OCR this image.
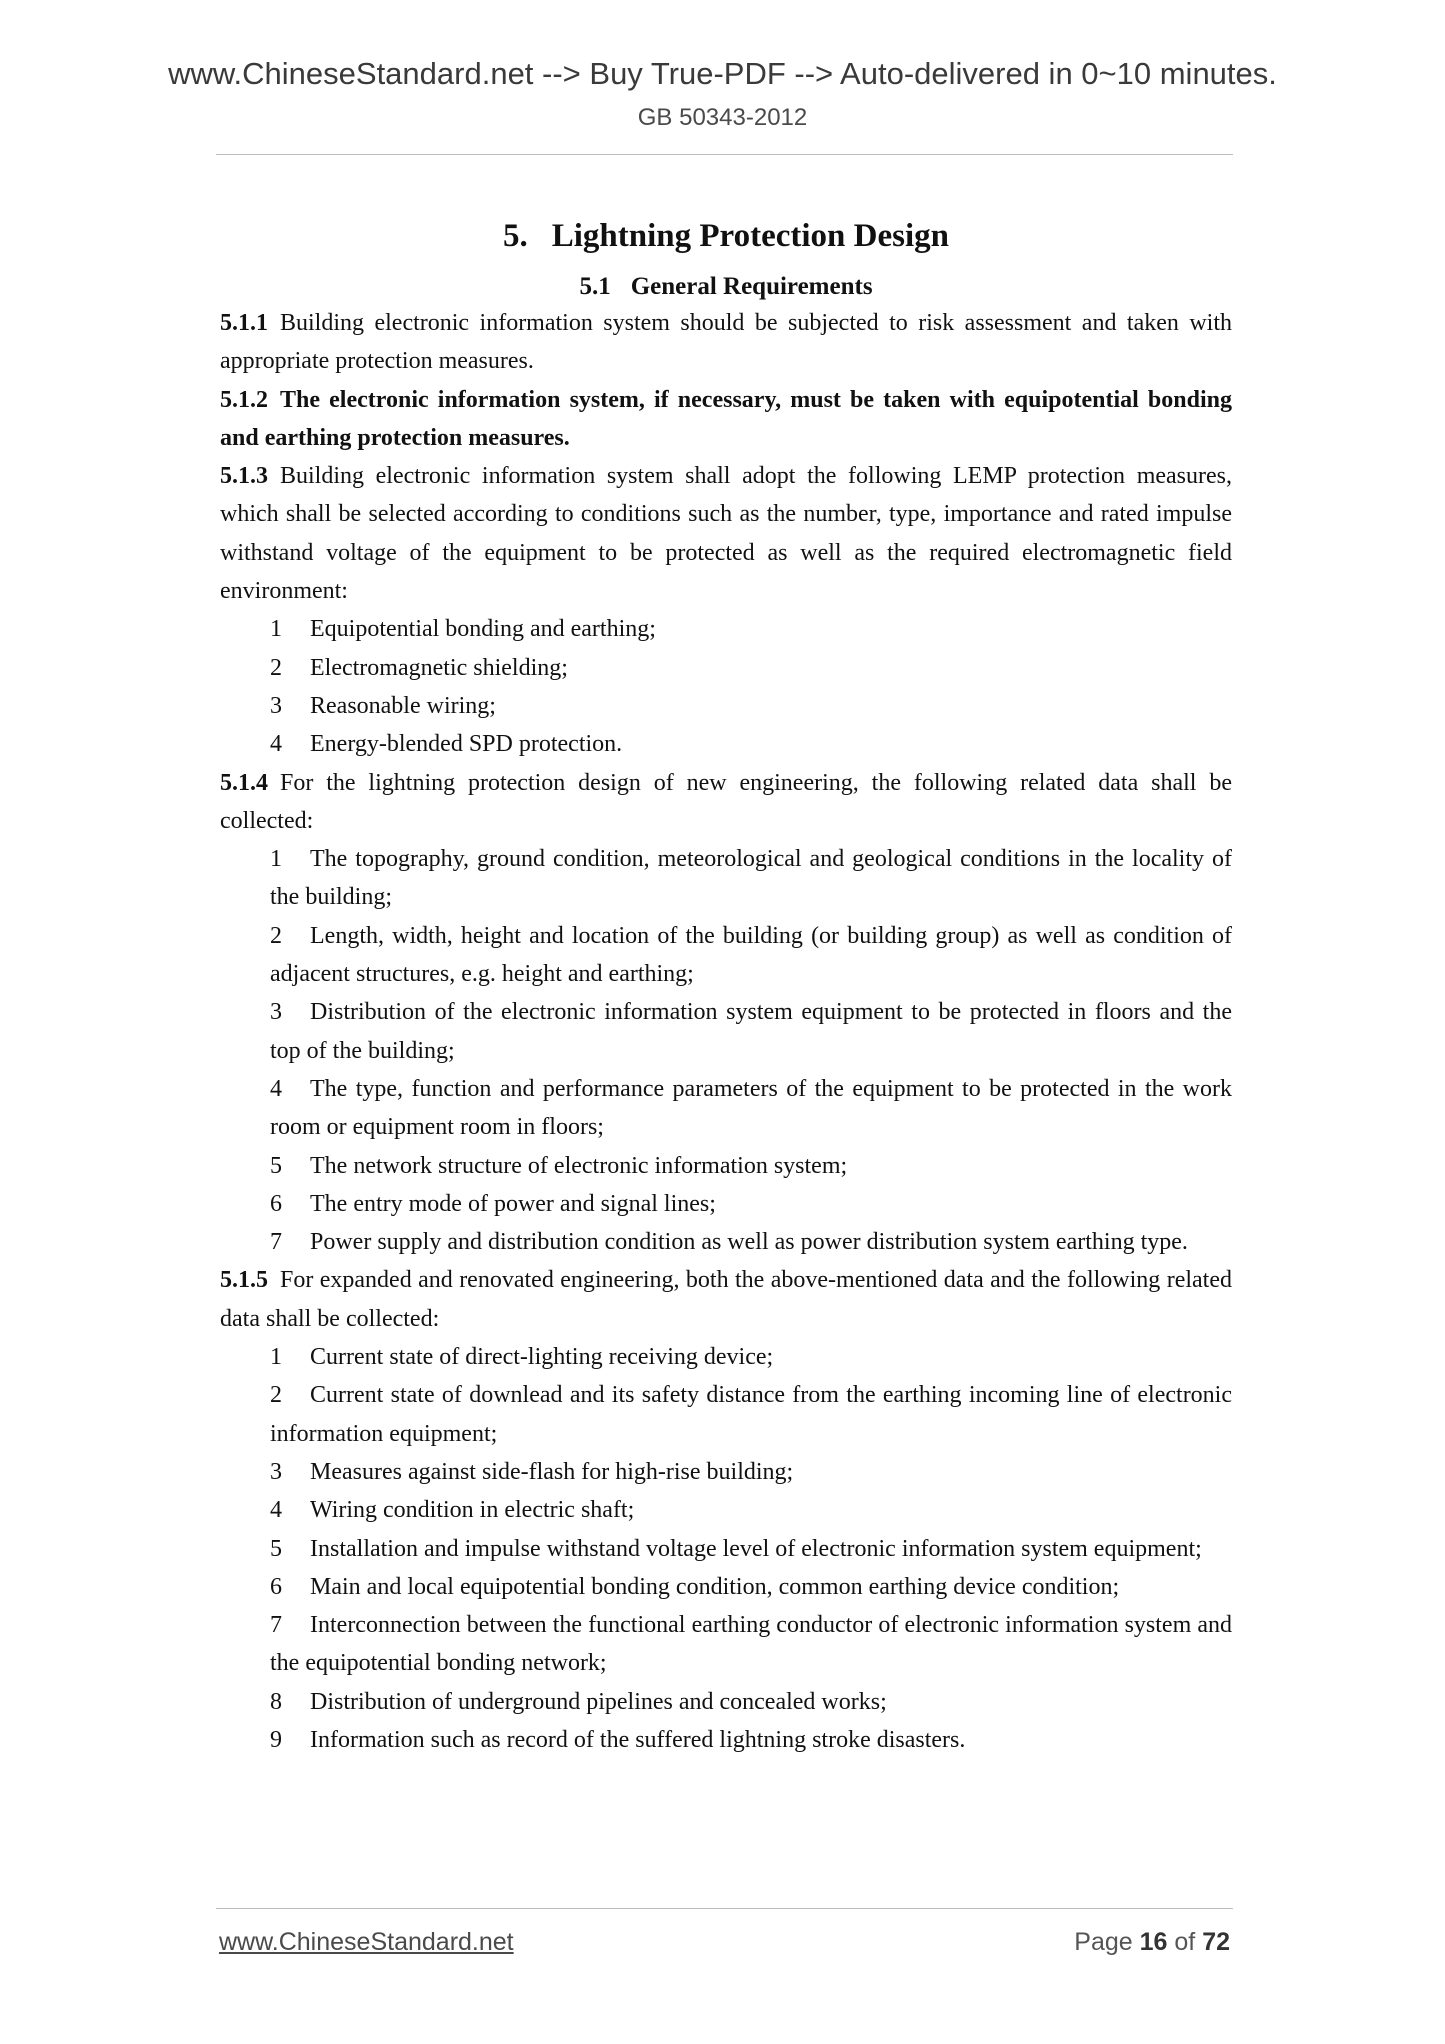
www.ChineseStandard.net --> Buy True-PDF --> Auto-delivered in 0~10 minutes.
GB 50343-2012
5. Lightning Protection Design
5.1 General Requirements

5.1.1 Building electronic information system should be subjected to risk assessment and taken with appropriate protection measures.

5.1.2 The electronic information system, if necessary, must be taken with equipotential bonding and earthing protection measures.

5.1.3 Building electronic information system shall adopt the following LEMP protection measures, which shall be selected according to conditions such as the number, type, importance and rated impulse withstand voltage of the equipment to be protected as well as the required electromagnetic field environment:

1 Equipotential bonding and earthing;

2 Electromagnetic shielding;

3 Reasonable wiring;

4 Energy-blended SPD protection.

5.1.4 For the lightning protection design of new engineering, the following related data shall be collected:

1 The topography, ground condition, meteorological and geological conditions in the locality of the building;

2 Length, width, height and location of the building (or building group) as well as condition of adjacent structures, e.g. height and earthing;

3 Distribution of the electronic information system equipment to be protected in floors and the top of the building;

4 The type, function and performance parameters of the equipment to be protected in the work room or equipment room in floors;

5 The network structure of electronic information system;

6 The entry mode of power and signal lines;

7 Power supply and distribution condition as well as power distribution system earthing type.

5.1.5 For expanded and renovated engineering, both the above-mentioned data and the following related data shall be collected:

1 Current state of direct-lighting receiving device;

2 Current state of downlead and its safety distance from the earthing incoming line of electronic information equipment;

3 Measures against side-flash for high-rise building;

4 Wiring condition in electric shaft;

5 Installation and impulse withstand voltage level of electronic information system equipment;

6 Main and local equipotential bonding condition, common earthing device condition;

7 Interconnection between the functional earthing conductor of electronic information system and the equipotential bonding network;

8 Distribution of underground pipelines and concealed works;

9 Information such as record of the suffered lightning stroke disasters.

www.ChineseStandard.net	Page 16 of 72
